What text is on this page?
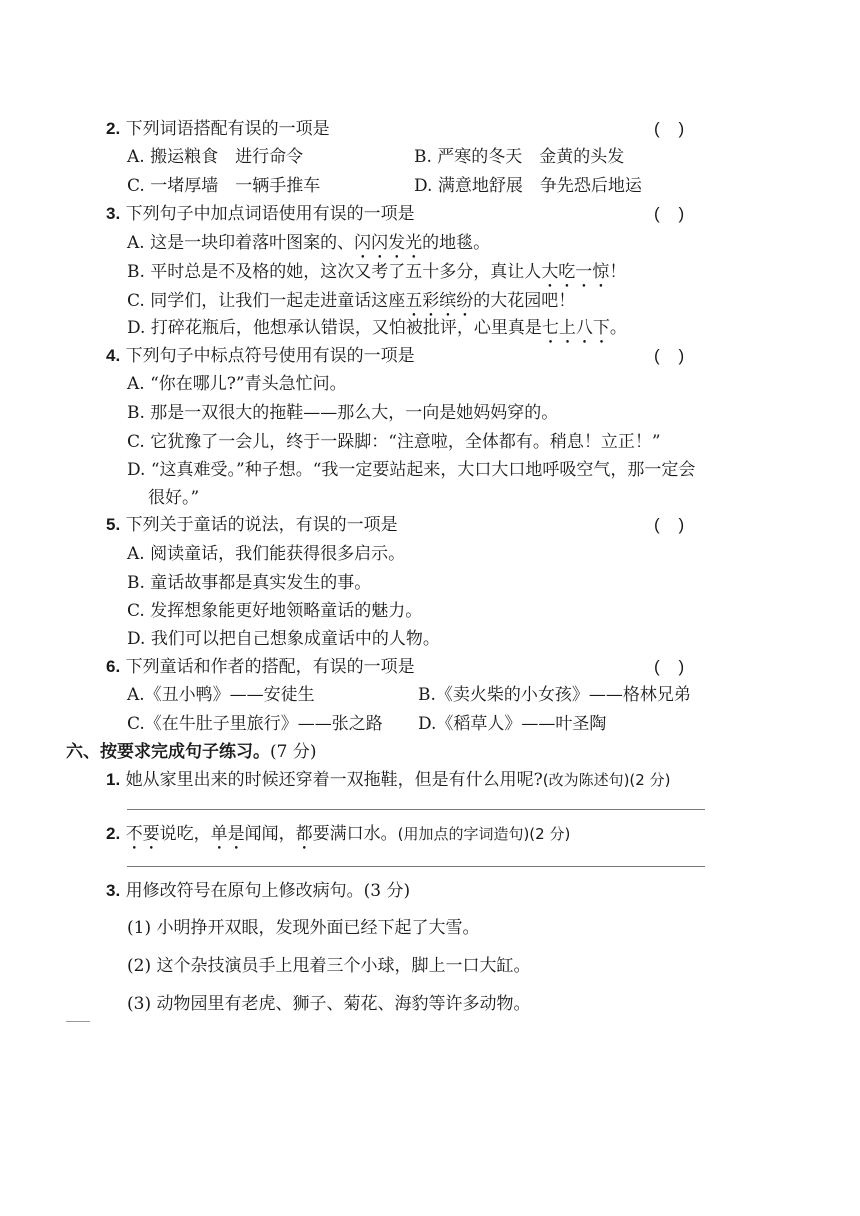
2. 下列词语搭配有误的一项是	(    )
A. 搬运粮食　进行命令	B. 严寒的冬天　金黄的头发
C. 一堵厚墙　一辆手推车	D. 满意地舒展　争先恐后地运
3. 下列句子中加点词语使用有误的一项是	(    )
A. 这是一块印着落叶图案的、闪闪发光的地毯。
B. 平时总是不及格的她，这次又考了五十多分，真让人大吃一惊！
C. 同学们，让我们一起走进童话这座五彩缤纷的大花园吧！
D. 打碎花瓶后，他想承认错误，又怕被批评，心里真是七上八下。
4. 下列句子中标点符号使用有误的一项是	(    )
A. “你在哪儿?”青头急忙问。
B. 那是一双很大的拖鞋——那么大，一向是她妈妈穿的。
C. 它犹豫了一会儿，终于一跺脚：“注意啦，全体都有。稍息！立正！”
D. “这真难受。”种子想。“我一定要站起来，大口大口地呼吸空气，那一定会
很好。”
5. 下列关于童话的说法，有误的一项是	(    )
A. 阅读童话，我们能获得很多启示。
B. 童话故事都是真实发生的事。
C. 发挥想象能更好地领略童话的魅力。
D. 我们可以把自己想象成童话中的人物。
6. 下列童话和作者的搭配，有误的一项是	(    )
A.《丑小鸭》——安徒生	B.《卖火柴的小女孩》——格林兄弟
C.《在牛肚子里旅行》——张之路 D.《稻草人》——叶圣陶
六、按要求完成句子练习。(7 分)
1. 她从家里出来的时候还穿着一双拖鞋，但是有什么用呢?(改为陈述句)(2 分)
2. 不要说吃，单是闻闻，都要满口水。(用加点的字词造句)(2 分)
3. 用修改符号在原句上修改病句。(3 分)
(1) 小明挣开双眼，发现外面已经下起了大雪。
(2) 这个杂技演员手上甩着三个小球，脚上一口大缸。
(3) 动物园里有老虎、狮子、菊花、海豹等许多动物。
